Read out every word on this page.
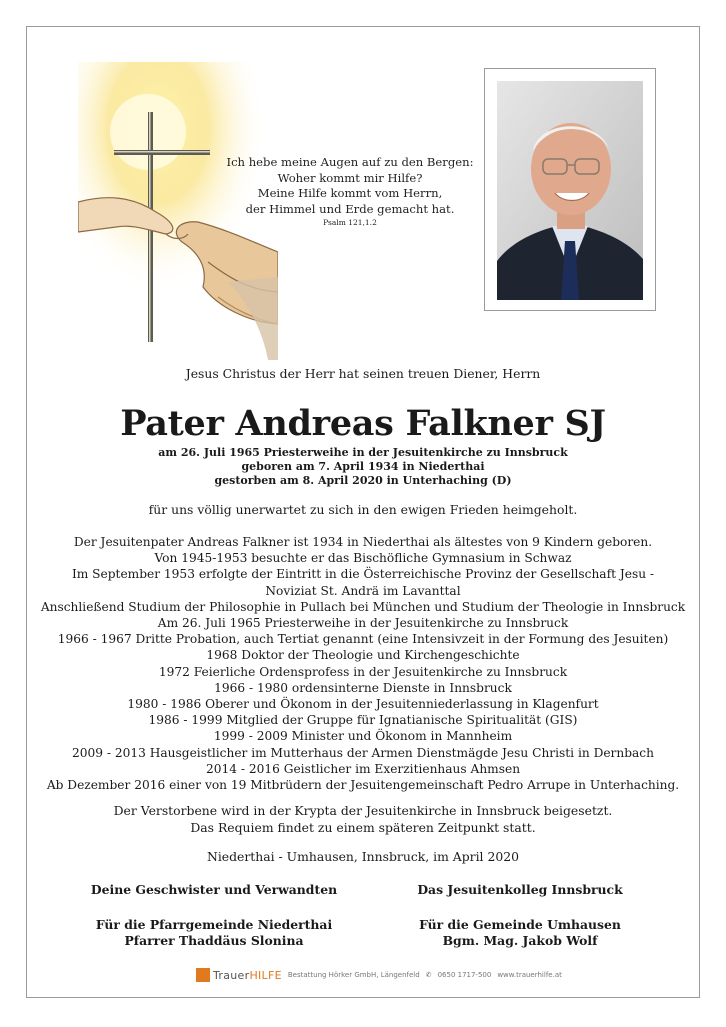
Ich hebe meine Augen auf zu den Bergen:
Woher kommt mir Hilfe?
Meine Hilfe kommt vom Herrn,
der Himmel und Erde gemacht hat.
Psalm 121,1.2
Jesus Christus der Herr hat seinen treuen Diener, Herrn
Pater Andreas Falkner SJ
am 26. Juli 1965 Priesterweihe in der Jesuitenkirche zu Innsbruck
geboren am 7. April 1934 in Niederthai
gestorben am 8. April 2020 in Unterhaching (D)
für uns völlig unerwartet zu sich in den ewigen Frieden heimgeholt.
Der Jesuitenpater Andreas Falkner ist 1934 in Niederthai als ältestes von 9 Kindern geboren.
Von 1945-1953 besuchte er das Bischöfliche Gymnasium in Schwaz
Im September 1953 erfolgte der Eintritt in die Österreichische Provinz der Gesellschaft Jesu -
Noviziat St. Andrä im Lavanttal
Anschließend Studium der Philosophie in Pullach bei München und Studium der Theologie in Innsbruck
Am 26. Juli 1965 Priesterweihe in der Jesuitenkirche zu Innsbruck
1966 - 1967 Dritte Probation, auch Tertiat genannt (eine Intensivzeit in der Formung des Jesuiten)
1968 Doktor der Theologie und Kirchengeschichte
1972 Feierliche Ordensprofess in der Jesuitenkirche zu Innsbruck
1966 - 1980 ordensinterne Dienste in Innsbruck
1980 - 1986 Oberer und Ökonom in der Jesuitenniederlassung in Klagenfurt
1986 - 1999 Mitglied der Gruppe für Ignatianische Spiritualität (GIS)
1999 - 2009 Minister und Ökonom in Mannheim
2009 - 2013 Hausgeistlicher im Mutterhaus der Armen Dienstmägde Jesu Christi in Dernbach
2014 - 2016 Geistlicher im Exerzitienhaus Ahmsen
Ab Dezember 2016 einer von 19 Mitbrüdern der Jesuitengemeinschaft Pedro Arrupe in Unterhaching.
Der Verstorbene wird in der Krypta der Jesuitenkirche in Innsbruck beigesetzt.
Das Requiem findet zu einem späteren Zeitpunkt statt.
Niederthai - Umhausen, Innsbruck, im April 2020
Deine Geschwister und Verwandten	Das Jesuitenkolleg Innsbruck
Für die Pfarrgemeinde Niederthai
Pfarrer Thaddäus Slonina
Für die Gemeinde Umhausen
Bgm. Mag. Jakob Wolf
TrauerHILFE Bestattung Hörker GmbH, Längenfeld ✆ 0650 1717-500 www.trauerhilfe.at
